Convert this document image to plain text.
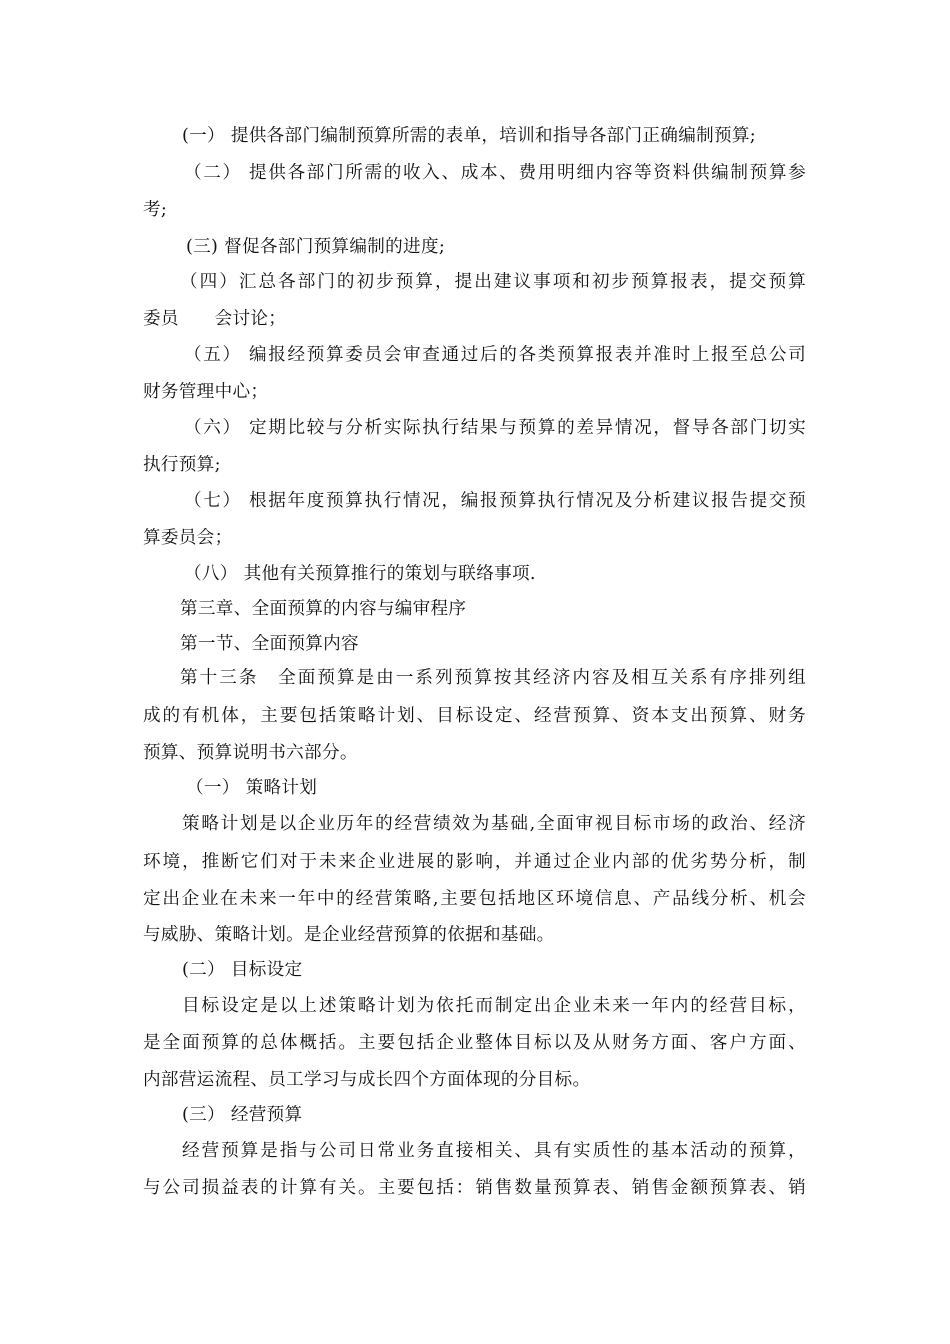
(一） 提供各部门编制预算所需的表单，培训和指导各部门正确编制预算;

（二） 提供各部门所需的收入、成本、费用明细内容等资料供编制预算参

考;

(三) 督促各部门预算编制的进度;

（四）汇总各部门的初步预算，提出建议事项和初步预算报表，提交预算

委员　　会讨论；

（五） 编报经预算委员会审查通过后的各类预算报表并准时上报至总公司

财务管理中心；

（六） 定期比较与分析实际执行结果与预算的差异情况，督导各部门切实

执行预算;

（七） 根据年度预算执行情况，编报预算执行情况及分析建议报告提交预

算委员会；

（八） 其他有关预算推行的策划与联络事项.

第三章、全面预算的内容与编审程序

第一节、全面预算内容

第十三条　全面预算是由一系列预算按其经济内容及相互关系有序排列组

成的有机体，主要包括策略计划、目标设定、经营预算、资本支出预算、财务

预算、预算说明书六部分。

（一） 策略计划

策略计划是以企业历年的经营绩效为基础,全面审视目标市场的政治、经济

环境，推断它们对于未来企业进展的影响，并通过企业内部的优劣势分析，制

定出企业在未来一年中的经营策略,主要包括地区环境信息、产品线分析、机会

与威胁、策略计划。是企业经营预算的依据和基础。

(二） 目标设定

目标设定是以上述策略计划为依托而制定出企业未来一年内的经营目标，

是全面预算的总体概括。主要包括企业整体目标以及从财务方面、客户方面、

内部营运流程、员工学习与成长四个方面体现的分目标。

(三） 经营预算

经营预算是指与公司日常业务直接相关、具有实质性的基本活动的预算，

与公司损益表的计算有关。主要包括：销售数量预算表、销售金额预算表、销
